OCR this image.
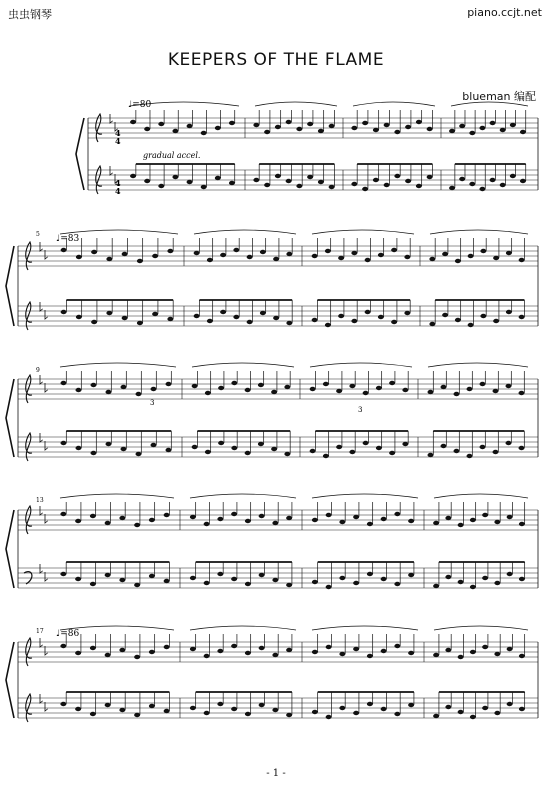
虫虫钢琴	piano.ccjt.net
KEEPERS OF THE FLAME
blueman 编配
♩=80
gradual accel.
♩=83
♩=86
5
9
13
17
3
3
4
4
4
4
- 1 -
